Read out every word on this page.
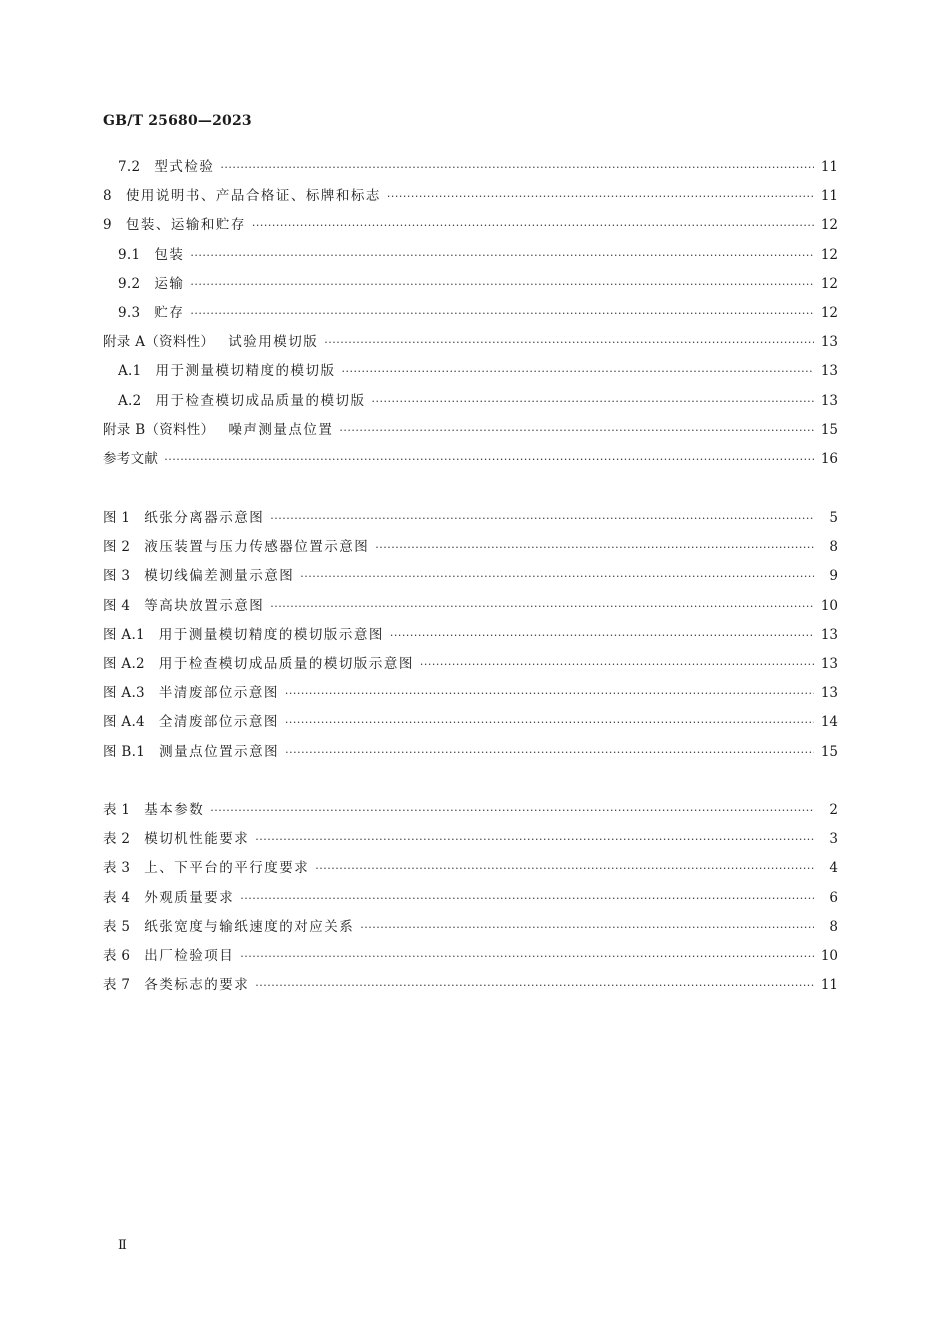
GB/T 25680—2023
7.2 型式检验 ·····	11
8 使用说明书、产品合格证、标牌和标志 ·····	11
9 包装、运输和贮存 ·····	12
9.1 包装 ·····	12
9.2 运输 ·····	12
9.3 贮存 ·····	12
附录 A（资料性） 试验用模切版 ·····	13
A.1 用于测量模切精度的模切版 ·····	13
A.2 用于检查模切成品质量的模切版 ·····	13
附录 B（资料性） 噪声测量点位置 ·····	15
参考文献 ·····	16
图 1 纸张分离器示意图 ·····	5
图 2 液压装置与压力传感器位置示意图 ·····	8
图 3 模切线偏差测量示意图 ·····	9
图 4 等高块放置示意图 ·····	10
图 A.1 用于测量模切精度的模切版示意图 ·····	13
图 A.2 用于检查模切成品质量的模切版示意图 ·····	13
图 A.3 半清废部位示意图 ·····	13
图 A.4 全清废部位示意图 ·····	14
图 B.1 测量点位置示意图 ·····	15
表 1 基本参数 ·····	2
表 2 模切机性能要求 ·····	3
表 3 上、下平台的平行度要求 ·····	4
表 4 外观质量要求 ·····	6
表 5 纸张宽度与输纸速度的对应关系 ·····	8
表 6 出厂检验项目 ·····	10
表 7 各类标志的要求 ·····	11
Ⅱ
